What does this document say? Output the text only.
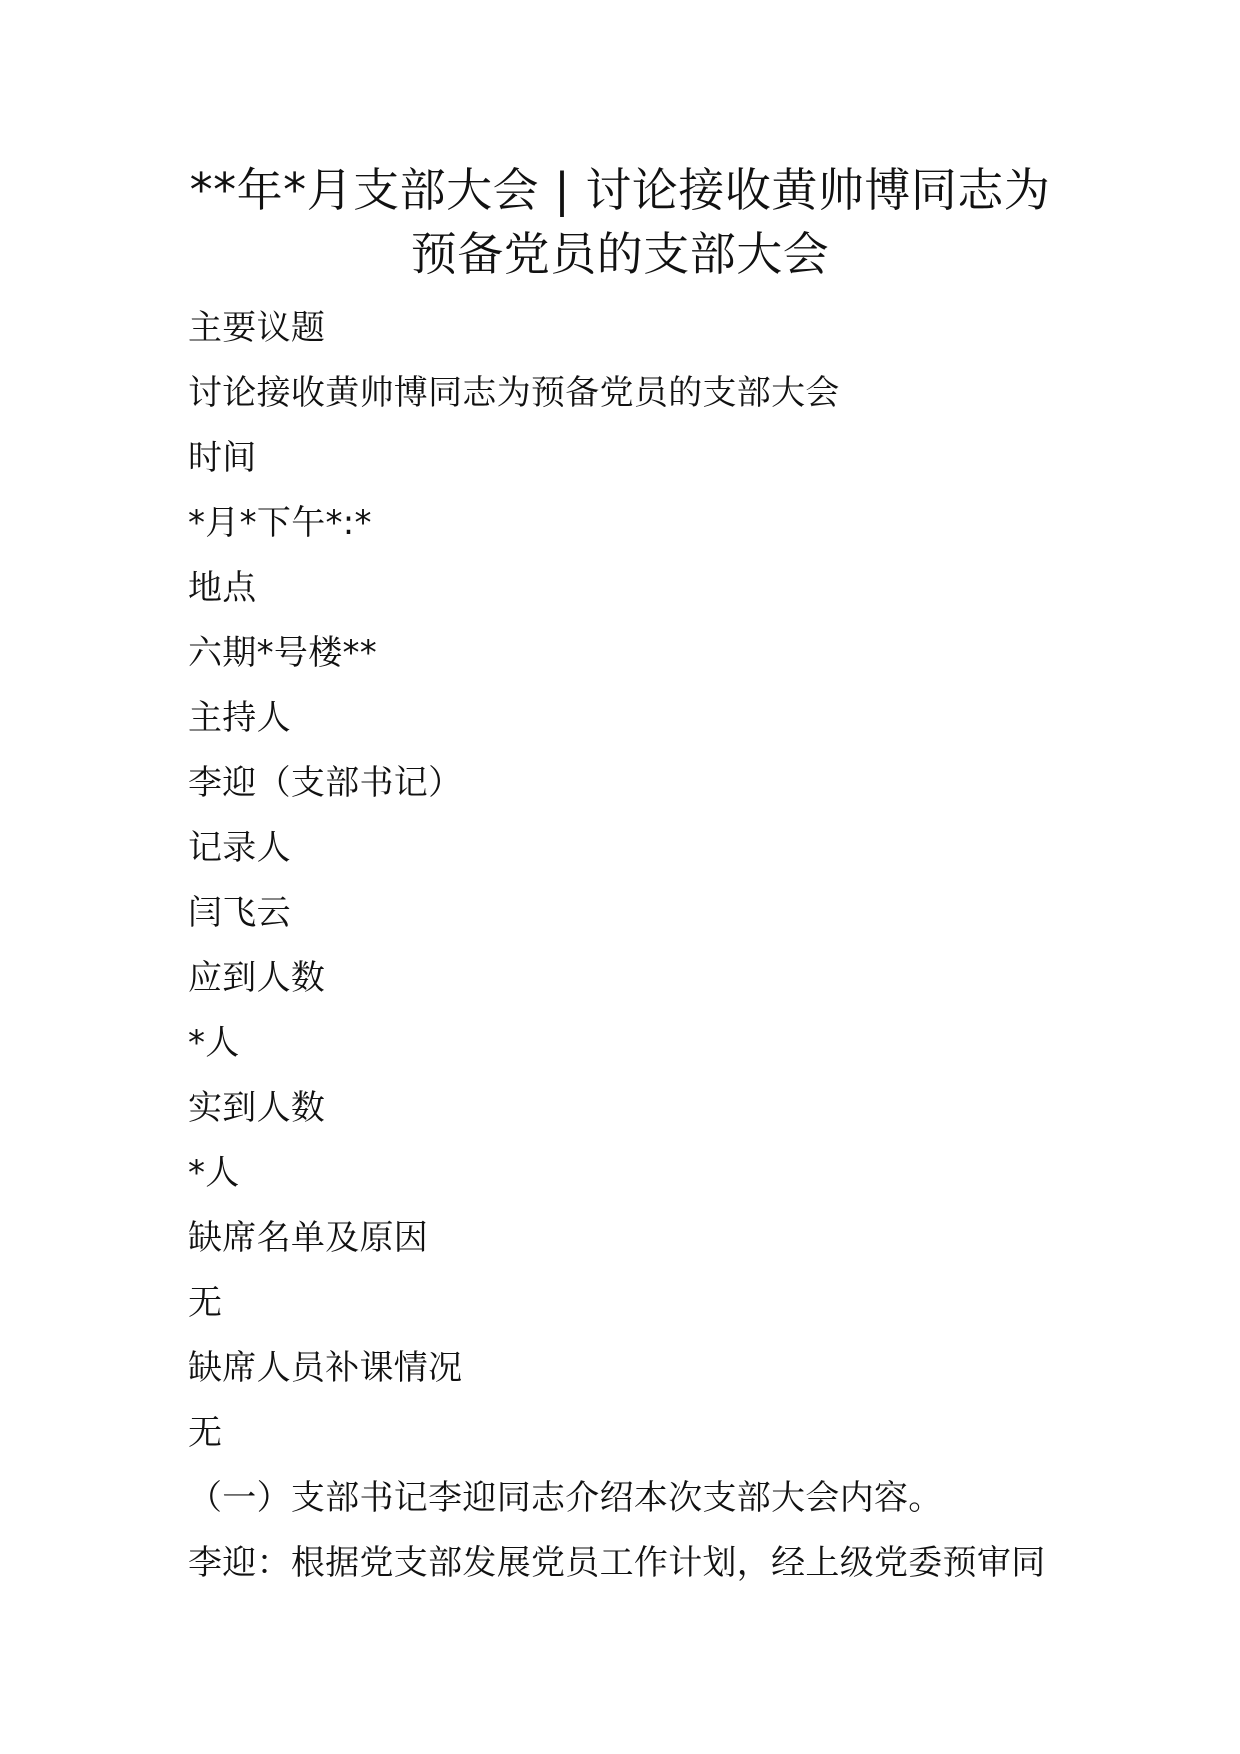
**年*月支部大会 | 讨论接收黄帅博同志为
预备党员的支部大会
主要议题
讨论接收黄帅博同志为预备党员的支部大会
时间
*月*下午*:*
地点
六期*号楼**
主持人
李迎（支部书记）
记录人
闫飞云
应到人数
*人
实到人数
*人
缺席名单及原因
无
缺席人员补课情况
无
（一）支部书记李迎同志介绍本次支部大会内容。
李迎：根据党支部发展党员工作计划，经上级党委预审同
